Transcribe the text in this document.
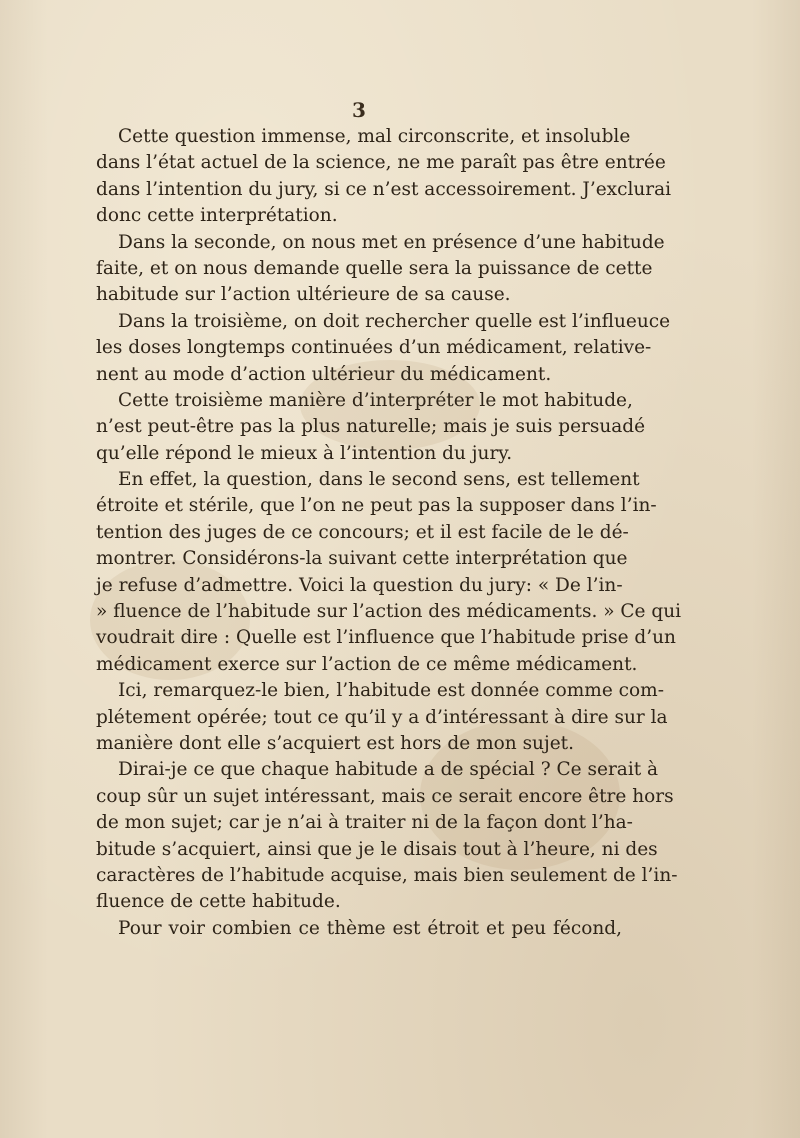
3
Cette question immense, mal circonscrite, et insoluble
dans l’état actuel de la science, ne me paraît pas être entrée
dans l’intention du jury, si ce n’est accessoirement. J’exclurai
donc cette interprétation.
Dans la seconde, on nous met en présence d’une habitude
faite, et on nous demande quelle sera la puissance de cette
habitude sur l’action ultérieure de sa cause.
Dans la troisième, on doit rechercher quelle est l’influeuce
les doses longtemps continuées d’un médicament, relative-
nent au mode d’action ultérieur du médicament.
Cette troisième manière d’interpréter le mot habitude,
n’est peut-être pas la plus naturelle; mais je suis persuadé
qu’elle répond le mieux à l’intention du jury.
En effet, la question, dans le second sens, est tellement
étroite et stérile, que l’on ne peut pas la supposer dans l’in-
tention des juges de ce concours; et il est facile de le dé-
montrer. Considérons-la suivant cette interprétation que
je refuse d’admettre. Voici la question du jury: « De l’in-
» fluence de l’habitude sur l’action des médicaments. » Ce qui
voudrait dire : Quelle est l’influence que l’habitude prise d’un
médicament exerce sur l’action de ce même médicament.
Ici, remarquez-le bien, l’habitude est donnée comme com-
plétement opérée; tout ce qu’il y a d’intéressant à dire sur la
manière dont elle s’acquiert est hors de mon sujet.
Dirai-je ce que chaque habitude a de spécial ? Ce serait à
coup sûr un sujet intéressant, mais ce serait encore être hors
de mon sujet; car je n’ai à traiter ni de la façon dont l’ha-
bitude s’acquiert, ainsi que je le disais tout à l’heure, ni des
caractères de l’habitude acquise, mais bien seulement de l’in-
fluence de cette habitude.
Pour voir combien ce thème est étroit et peu fécond,
